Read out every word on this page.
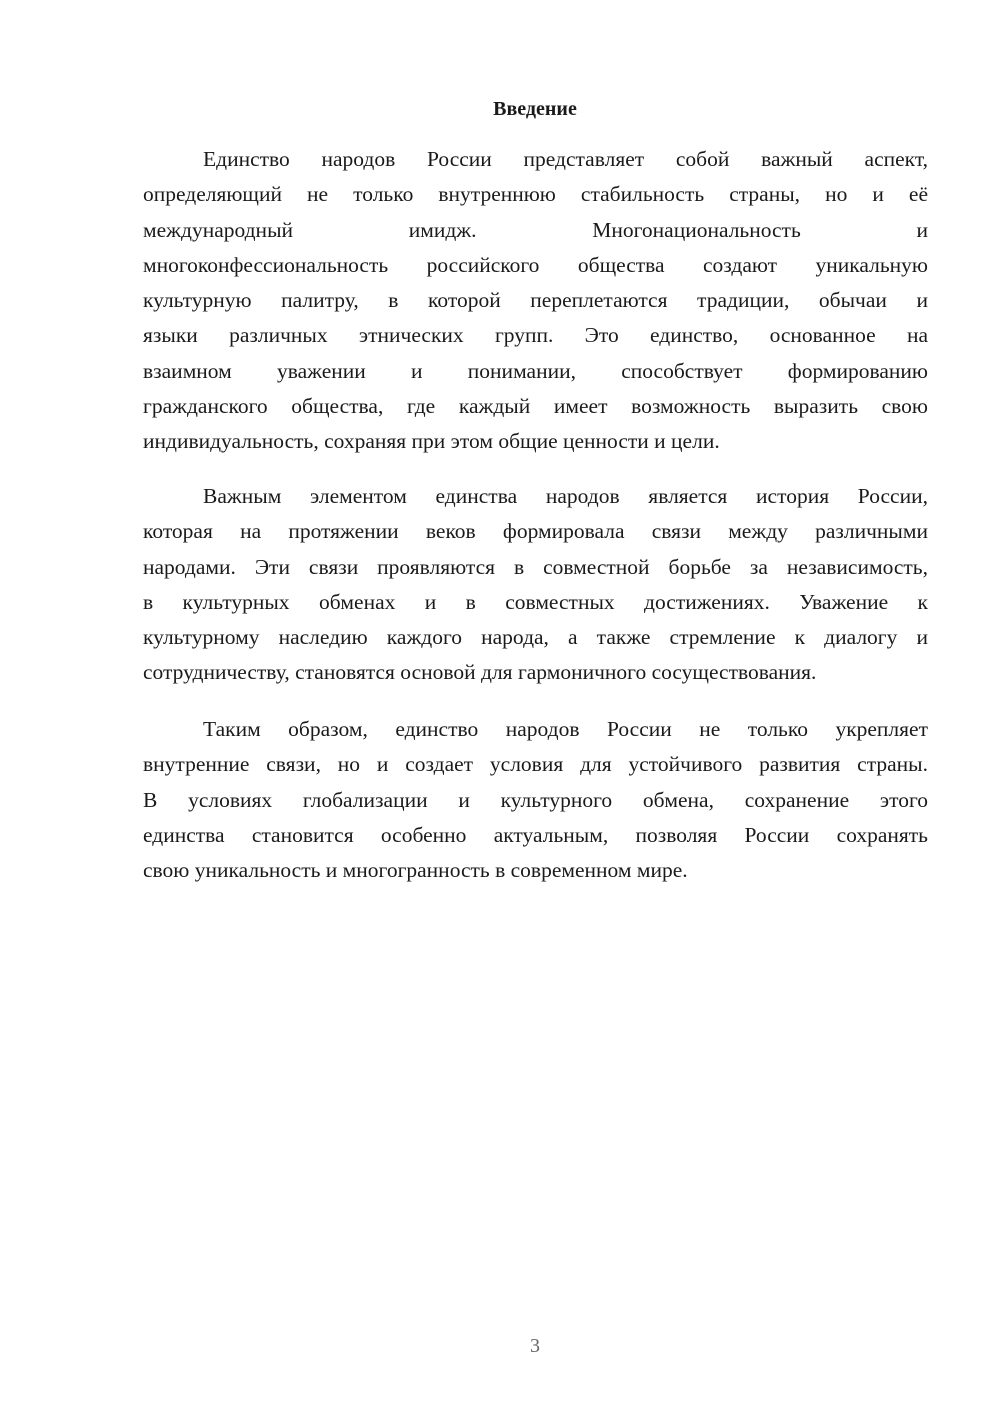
Введение
Единство народов России представляет собой важный аспект,
определяющий не только внутреннюю стабильность страны, но и её
международный имидж. Многонациональность и
многоконфессиональность российского общества создают уникальную
культурную палитру, в которой переплетаются традиции, обычаи и
языки различных этнических групп. Это единство, основанное на
взаимном уважении и понимании, способствует формированию
гражданского общества, где каждый имеет возможность выразить свою
индивидуальность, сохраняя при этом общие ценности и цели.
Важным элементом единства народов является история России,
которая на протяжении веков формировала связи между различными
народами. Эти связи проявляются в совместной борьбе за независимость,
в культурных обменах и в совместных достижениях. Уважение к
культурному наследию каждого народа, а также стремление к диалогу и
сотрудничеству, становятся основой для гармоничного сосуществования.
Таким образом, единство народов России не только укрепляет
внутренние связи, но и создает условия для устойчивого развития страны.
В условиях глобализации и культурного обмена, сохранение этого
единства становится особенно актуальным, позволяя России сохранять
свою уникальность и многогранность в современном мире.
3
